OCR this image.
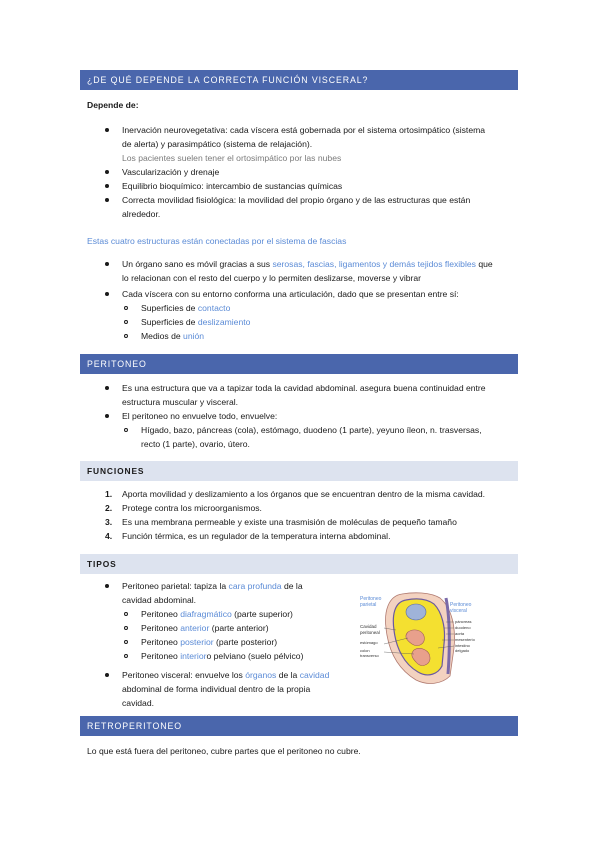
¿DE QUÉ DEPENDE LA CORRECTA FUNCIÓN VISCERAL?
Depende de:
Inervación neurovegetativa: cada víscera está gobernada por el sistema ortosimpático (sistema
de alerta) y parasimpático (sistema de relajación).
Los pacientes suelen tener el ortosimpático por las nubes
Vascularización y drenaje
Equilibrio bioquímico: intercambio de sustancias químicas
Correcta movilidad fisiológica: la movilidad del propio órgano y de las estructuras que están
alrededor.
Estas cuatro estructuras están conectadas por el sistema de fascias
Un órgano sano es móvil gracias a sus serosas, fascias, ligamentos y demás tejidos flexibles que
lo relacionan con el resto del cuerpo y lo permiten deslizarse, moverse y vibrar
Cada víscera con su entorno conforma una articulación, dado que se presentan entre sí:
Superficies de contacto
Superficies de deslizamiento
Medios de unión
PERITONEO
Es una estructura que va a tapizar toda la cavidad abdominal. asegura buena continuidad entre
estructura muscular y visceral.
El peritoneo no envuelve todo, envuelve:
Hígado, bazo, páncreas (cola), estómago, duodeno (1 parte), yeyuno íleon, n. trasversas,
recto (1 parte), ovario, útero.
FUNCIONES
1. Aporta movilidad y deslizamiento a los órganos que se encuentran dentro de la misma cavidad.
2. Protege contra los microorganismos.
3. Es una membrana permeable y existe una trasmisión de moléculas de pequeño tamaño
4. Función térmica, es un regulador de la temperatura interna abdominal.
TIPOS
Peritoneo parietal: tapiza la cara profunda de la
cavidad abdominal.
Peritoneo diafragmático (parte superior)
Peritoneo anterior (parte anterior)
Peritoneo posterior (parte posterior)
Peritoneo interioro pelviano (suelo pélvico)
Peritoneo visceral: envuelve los órganos de la cavidad
abdominal de forma individual dentro de la propia
cavidad.
Peritoneo
parietal	Peritoneo
visceral
Cavidad
peritoneal
estómago
colon
transverso
páncreas
duodeno
aorta
mesenterio
intestino
delgado
RETROPERITONEO
Lo que está fuera del peritoneo, cubre partes que el peritoneo no cubre.
